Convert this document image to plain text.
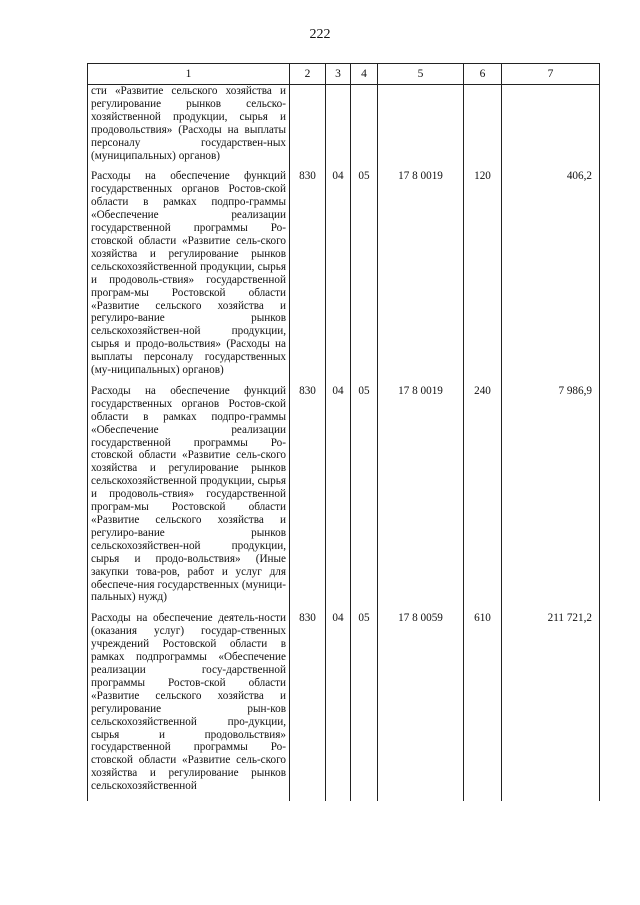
222
1	2	3	4	5	6	7
сти «Развитие сельского хозяйства и регулирование рынков сельско-хозяйственной продукции, сырья и продовольствия» (Расходы на выплаты персоналу государствен-ных (муниципальных) органов)						
Расходы на обеспечение функций государственных органов Ростов-ской области в рамках подпро-граммы «Обеспечение реализации государственной программы Ро-стовской области «Развитие сель-ского хозяйства и регулирование рынков сельскохозяйственной продукции, сырья и продоволь-ствия» государственной програм-мы Ростовской области «Развитие сельского хозяйства и регулиро-вание рынков сельскохозяйствен-ной продукции, сырья и продо-вольствия» (Расходы на выплаты персоналу государственных (му-ниципальных) органов)	830	04	05	17 8 0019	120	406,2
Расходы на обеспечение функций государственных органов Ростов-ской области в рамках подпро-граммы «Обеспечение реализации государственной программы Ро-стовской области «Развитие сель-ского хозяйства и регулирование рынков сельскохозяйственной продукции, сырья и продоволь-ствия» государственной програм-мы Ростовской области «Развитие сельского хозяйства и регулиро-вание рынков сельскохозяйствен-ной продукции, сырья и продо-вольствия» (Иные закупки това-ров, работ и услуг для обеспече-ния государственных (муници-пальных) нужд)	830	04	05	17 8 0019	240	7 986,9
Расходы на обеспечение деятель-ности (оказания услуг) государ-ственных учреждений Ростовской области в рамках подпрограммы «Обеспечение реализации госу-дарственной программы Ростов-ской области «Развитие сельского хозяйства и регулирование рын-ков сельскохозяйственной про-дукции, сырья и продовольствия» государственной программы Ро-стовской области «Развитие сель-ского хозяйства и регулирование рынков сельскохозяйственной	830	04	05	17 8 0059	610	211 721,2
